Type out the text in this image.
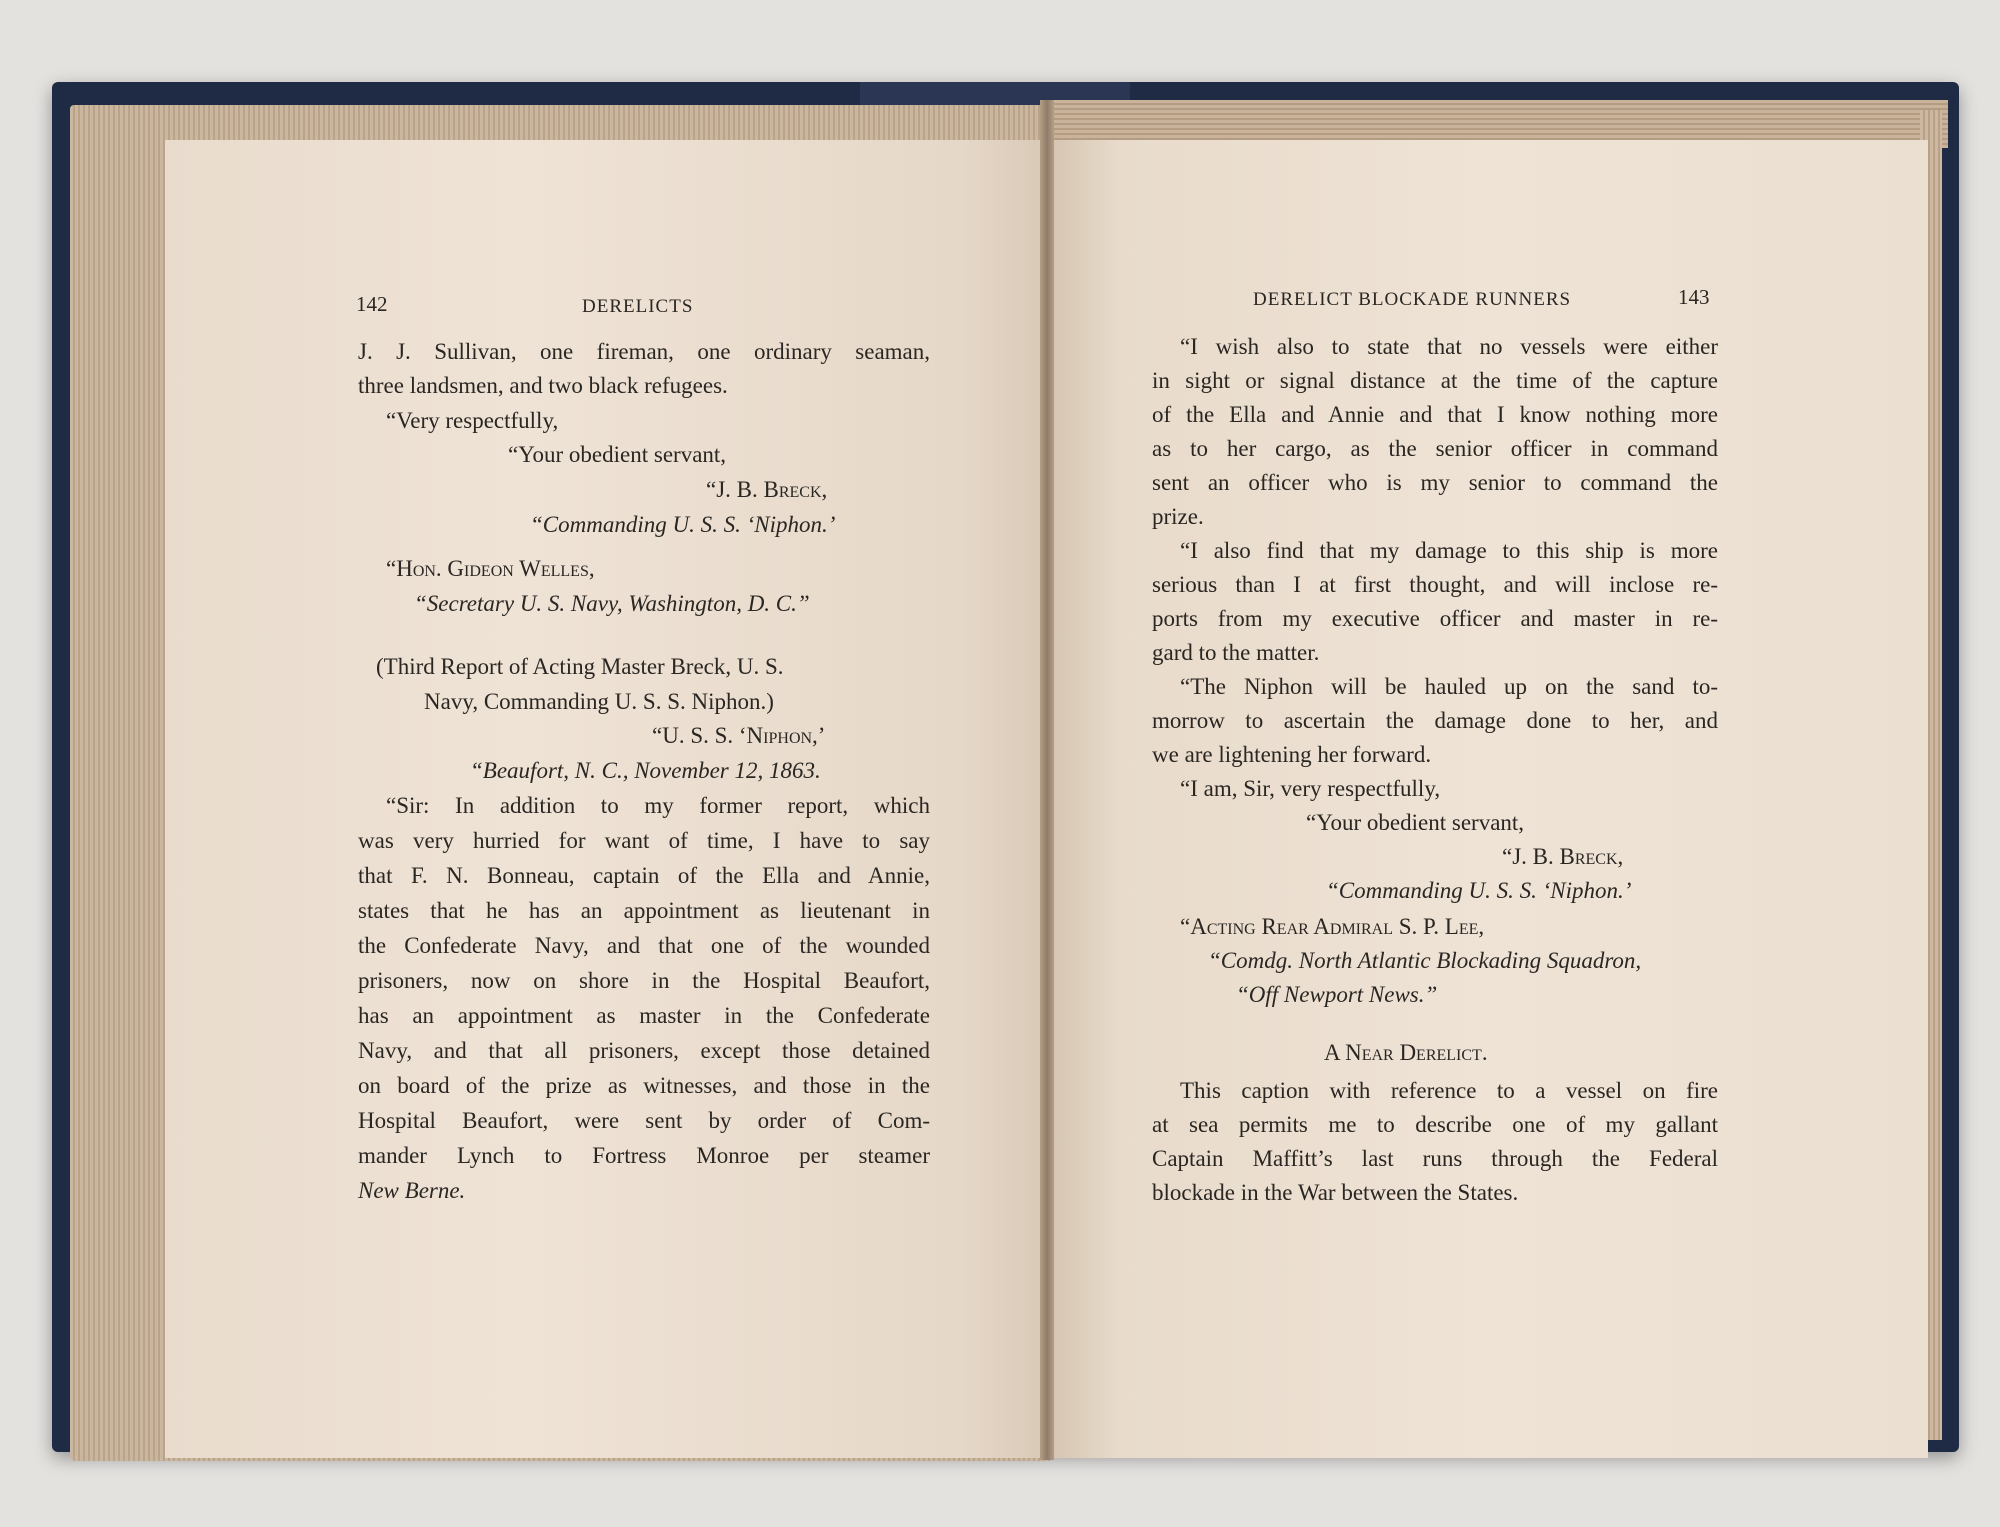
142	DERELICTS
J. J. Sullivan, one fireman, one ordinary seaman,
three landsmen, and two black refugees.
“Very respectfully,
“Your obedient servant,
“J. B. Breck,
“Commanding U. S. S. ‘Niphon.’
“Hon. Gideon Welles,
“Secretary U. S. Navy, Washington, D. C.”
(Third Report of Acting Master Breck, U. S.
Navy, Commanding U. S. S. Niphon.)
“U. S. S. ‘Niphon,’
“Beaufort, N. C., November 12, 1863.
“Sir: In addition to my former report, which
was very hurried for want of time, I have to say
that F. N. Bonneau, captain of the Ella and Annie,
states that he has an appointment as lieutenant in
the Confederate Navy, and that one of the wounded
prisoners, now on shore in the Hospital Beaufort,
has an appointment as master in the Confederate
Navy, and that all prisoners, except those detained
on board of the prize as witnesses, and those in the
Hospital Beaufort, were sent by order of Com-
mander Lynch to Fortress Monroe per steamer
New Berne.
DERELICT BLOCKADE RUNNERS	143
“I wish also to state that no vessels were either
in sight or signal distance at the time of the capture
of the Ella and Annie and that I know nothing more
as to her cargo, as the senior officer in command
sent an officer who is my senior to command the
prize.
“I also find that my damage to this ship is more
serious than I at first thought, and will inclose re-
ports from my executive officer and master in re-
gard to the matter.
“The Niphon will be hauled up on the sand to-
morrow to ascertain the damage done to her, and
we are lightening her forward.
“I am, Sir, very respectfully,
“Your obedient servant,
“J. B. Breck,
“Commanding U. S. S. ‘Niphon.’
“Acting Rear Admiral S. P. Lee,
“Comdg. North Atlantic Blockading Squadron,
“Off Newport News.”
A Near Derelict.
This caption with reference to a vessel on fire
at sea permits me to describe one of my gallant
Captain Maffitt’s last runs through the Federal
blockade in the War between the States.
